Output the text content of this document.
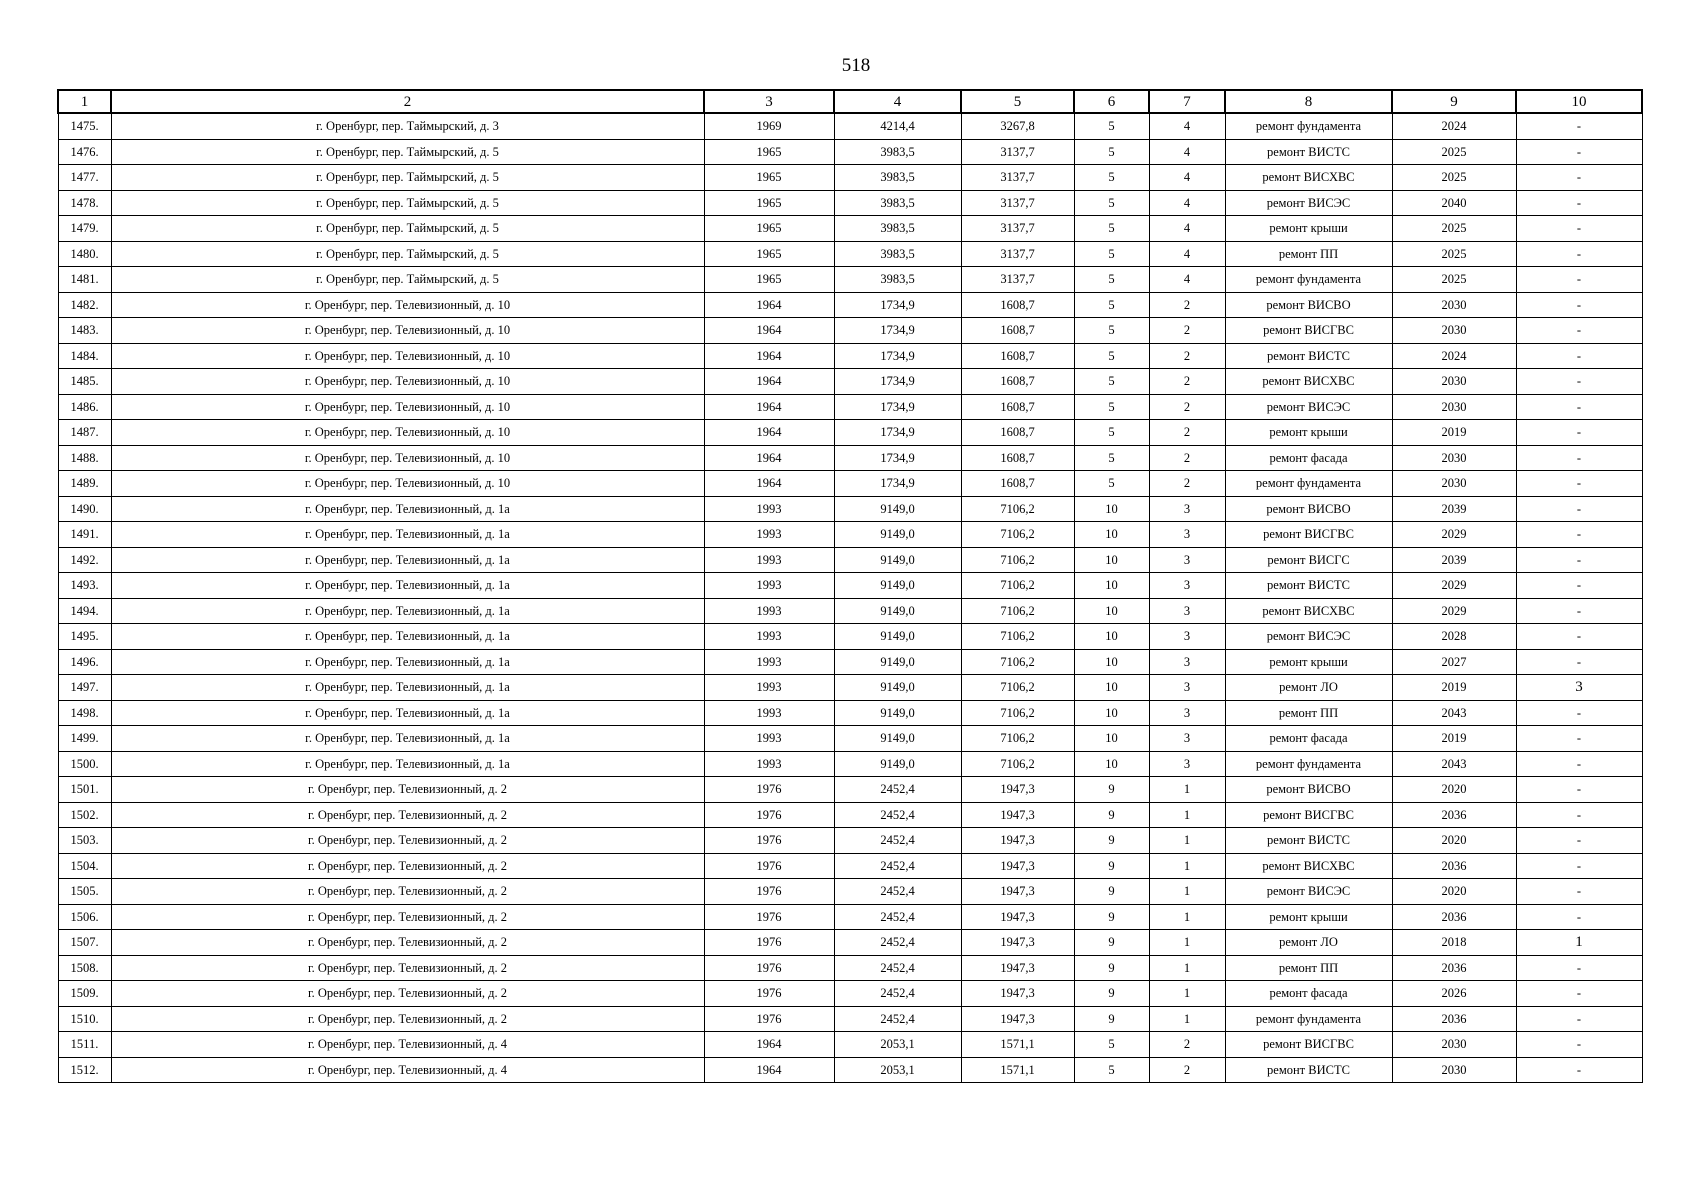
518
1	2	3	4	5	6	7	8	9	10
1475.	г. Оренбург, пер. Таймырский, д. 3	1969	4214,4	3267,8	5	4	ремонт фундамента	2024	-
1476.	г. Оренбург, пер. Таймырский, д. 5	1965	3983,5	3137,7	5	4	ремонт ВИСТС	2025	-
1477.	г. Оренбург, пер. Таймырский, д. 5	1965	3983,5	3137,7	5	4	ремонт ВИСХВС	2025	-
1478.	г. Оренбург, пер. Таймырский, д. 5	1965	3983,5	3137,7	5	4	ремонт ВИСЭС	2040	-
1479.	г. Оренбург, пер. Таймырский, д. 5	1965	3983,5	3137,7	5	4	ремонт крыши	2025	-
1480.	г. Оренбург, пер. Таймырский, д. 5	1965	3983,5	3137,7	5	4	ремонт ПП	2025	-
1481.	г. Оренбург, пер. Таймырский, д. 5	1965	3983,5	3137,7	5	4	ремонт фундамента	2025	-
1482.	г. Оренбург, пер. Телевизионный, д. 10	1964	1734,9	1608,7	5	2	ремонт ВИСВО	2030	-
1483.	г. Оренбург, пер. Телевизионный, д. 10	1964	1734,9	1608,7	5	2	ремонт ВИСГВС	2030	-
1484.	г. Оренбург, пер. Телевизионный, д. 10	1964	1734,9	1608,7	5	2	ремонт ВИСТС	2024	-
1485.	г. Оренбург, пер. Телевизионный, д. 10	1964	1734,9	1608,7	5	2	ремонт ВИСХВС	2030	-
1486.	г. Оренбург, пер. Телевизионный, д. 10	1964	1734,9	1608,7	5	2	ремонт ВИСЭС	2030	-
1487.	г. Оренбург, пер. Телевизионный, д. 10	1964	1734,9	1608,7	5	2	ремонт крыши	2019	-
1488.	г. Оренбург, пер. Телевизионный, д. 10	1964	1734,9	1608,7	5	2	ремонт фасада	2030	-
1489.	г. Оренбург, пер. Телевизионный, д. 10	1964	1734,9	1608,7	5	2	ремонт фундамента	2030	-
1490.	г. Оренбург, пер. Телевизионный, д. 1а	1993	9149,0	7106,2	10	3	ремонт ВИСВО	2039	-
1491.	г. Оренбург, пер. Телевизионный, д. 1а	1993	9149,0	7106,2	10	3	ремонт ВИСГВС	2029	-
1492.	г. Оренбург, пер. Телевизионный, д. 1а	1993	9149,0	7106,2	10	3	ремонт ВИСГС	2039	-
1493.	г. Оренбург, пер. Телевизионный, д. 1а	1993	9149,0	7106,2	10	3	ремонт ВИСТС	2029	-
1494.	г. Оренбург, пер. Телевизионный, д. 1а	1993	9149,0	7106,2	10	3	ремонт ВИСХВС	2029	-
1495.	г. Оренбург, пер. Телевизионный, д. 1а	1993	9149,0	7106,2	10	3	ремонт ВИСЭС	2028	-
1496.	г. Оренбург, пер. Телевизионный, д. 1а	1993	9149,0	7106,2	10	3	ремонт крыши	2027	-
1497.	г. Оренбург, пер. Телевизионный, д. 1а	1993	9149,0	7106,2	10	3	ремонт ЛО	2019	3
1498.	г. Оренбург, пер. Телевизионный, д. 1а	1993	9149,0	7106,2	10	3	ремонт ПП	2043	-
1499.	г. Оренбург, пер. Телевизионный, д. 1а	1993	9149,0	7106,2	10	3	ремонт фасада	2019	-
1500.	г. Оренбург, пер. Телевизионный, д. 1а	1993	9149,0	7106,2	10	3	ремонт фундамента	2043	-
1501.	г. Оренбург, пер. Телевизионный, д. 2	1976	2452,4	1947,3	9	1	ремонт ВИСВО	2020	-
1502.	г. Оренбург, пер. Телевизионный, д. 2	1976	2452,4	1947,3	9	1	ремонт ВИСГВС	2036	-
1503.	г. Оренбург, пер. Телевизионный, д. 2	1976	2452,4	1947,3	9	1	ремонт ВИСТС	2020	-
1504.	г. Оренбург, пер. Телевизионный, д. 2	1976	2452,4	1947,3	9	1	ремонт ВИСХВС	2036	-
1505.	г. Оренбург, пер. Телевизионный, д. 2	1976	2452,4	1947,3	9	1	ремонт ВИСЭС	2020	-
1506.	г. Оренбург, пер. Телевизионный, д. 2	1976	2452,4	1947,3	9	1	ремонт крыши	2036	-
1507.	г. Оренбург, пер. Телевизионный, д. 2	1976	2452,4	1947,3	9	1	ремонт ЛО	2018	1
1508.	г. Оренбург, пер. Телевизионный, д. 2	1976	2452,4	1947,3	9	1	ремонт ПП	2036	-
1509.	г. Оренбург, пер. Телевизионный, д. 2	1976	2452,4	1947,3	9	1	ремонт фасада	2026	-
1510.	г. Оренбург, пер. Телевизионный, д. 2	1976	2452,4	1947,3	9	1	ремонт фундамента	2036	-
1511.	г. Оренбург, пер. Телевизионный, д. 4	1964	2053,1	1571,1	5	2	ремонт ВИСГВС	2030	-
1512.	г. Оренбург, пер. Телевизионный, д. 4	1964	2053,1	1571,1	5	2	ремонт ВИСТС	2030	-
